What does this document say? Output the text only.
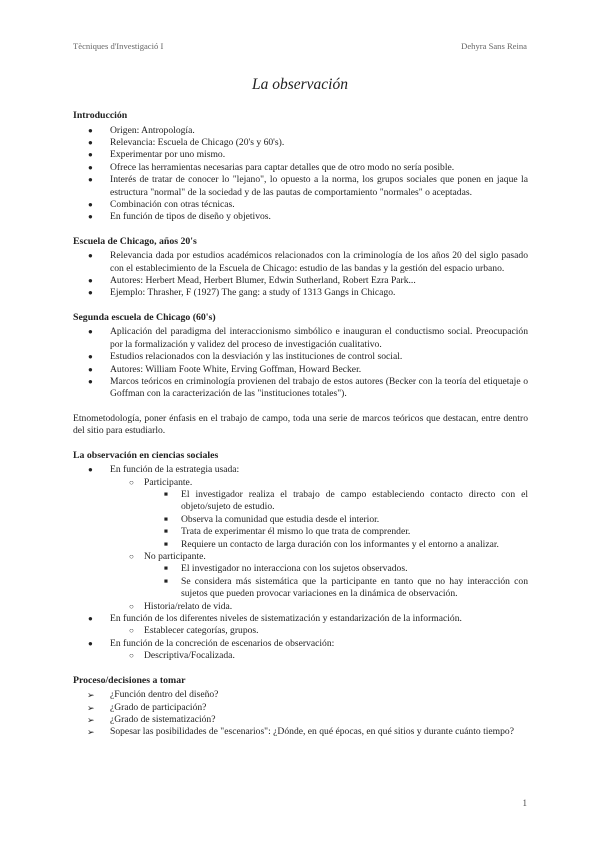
Tècniques d'Investigació I	Dehyra Sans Reina
La observación
Introducción
● Origen: Antropología.
● Relevancia: Escuela de Chicago (20's y 60's).
● Experimentar por uno mismo.
● Ofrece las herramientas necesarias para captar detalles que de otro modo no sería posible.
● Interés de tratar de conocer lo "lejano", lo opuesto a la norma, los grupos sociales que ponen en jaque la estructura "normal" de la sociedad y de las pautas de comportamiento "normales" o aceptadas.
● Combinación con otras técnicas.
● En función de tipos de diseño y objetivos.
Escuela de Chicago, años 20's
● Relevancia dada por estudios académicos relacionados con la criminología de los años 20 del siglo pasado con el establecimiento de la Escuela de Chicago: estudio de las bandas y la gestión del espacio urbano.
● Autores: Herbert Mead, Herbert Blumer, Edwin Sutherland, Robert Ezra Park...
● Ejemplo: Thrasher, F (1927) The gang: a study of 1313 Gangs in Chicago.
Segunda escuela de Chicago (60's)
● Aplicación del paradigma del interaccionismo simbólico e inauguran el conductismo social. Preocupación por la formalización y validez del proceso de investigación cualitativo.
● Estudios relacionados con la desviación y las instituciones de control social.
● Autores: William Foote White, Erving Goffman, Howard Becker.
● Marcos teóricos en criminología provienen del trabajo de estos autores (Becker con la teoría del etiquetaje o Goffman con la caracterización de las "instituciones totales").

Etnometodología, poner énfasis en el trabajo de campo, toda una serie de marcos teóricos que destacan, entre dentro del sitio para estudiarlo.

La observación en ciencias sociales
● En función de la estrategia usada:
○ Participante.
■ El investigador realiza el trabajo de campo estableciendo contacto directo con el objeto/sujeto de estudio.
■ Observa la comunidad que estudia desde el interior.
■ Trata de experimentar él mismo lo que trata de comprender.
■ Requiere un contacto de larga duración con los informantes y el entorno a analizar.
○ No participante.
■ El investigador no interacciona con los sujetos observados.
■ Se considera más sistemática que la participante en tanto que no hay interacción con sujetos que pueden provocar variaciones en la dinámica de observación.
○ Historia/relato de vida.
● En función de los diferentes niveles de sistematización y estandarización de la información.
○ Establecer categorías, grupos.
● En función de la concreción de escenarios de observación:
○ Descriptiva/Focalizada.
Proceso/decisiones a tomar
➢ ¿Función dentro del diseño?
➢ ¿Grado de participación?
➢ ¿Grado de sistematización?
➢ Sopesar las posibilidades de "escenarios": ¿Dónde, en qué épocas, en qué sitios y durante cuánto tiempo?
1
